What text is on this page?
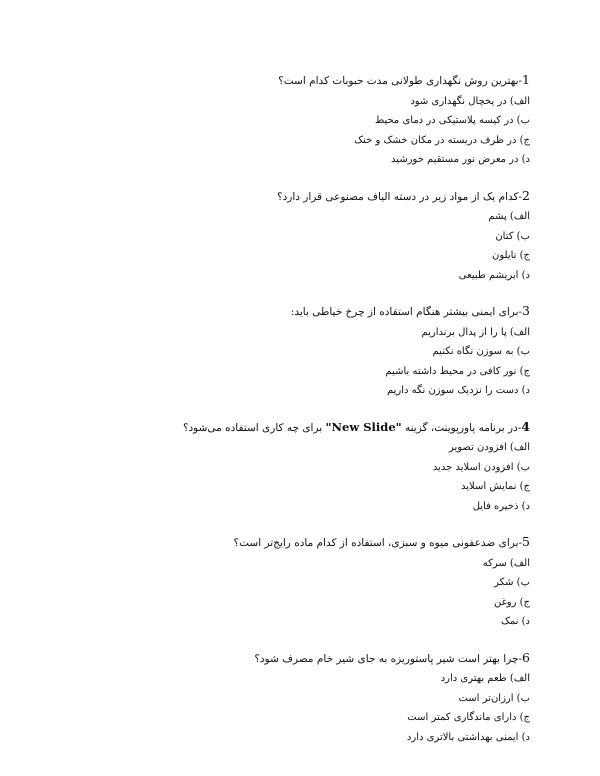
1-بهترین روش نگهداری طولانی مدت حبوبات کدام است؟
الف) در یخچال نگهداری شود
ب) در کیسه پلاستیکی در دمای محیط
ج) در ظرف دربسته در مکان خشک و خنک
د) در معرض نور مستقیم خورشید
2-کدام یک از مواد زیر در دسته الیاف مصنوعی قرار دارد؟
الف) پشم
ب) کتان
ج) نایلون
د) ابریشم طبیعی
3-برای ایمنی بیشتر هنگام استفاده از چرخ خیاطی باید:
الف) پا را از پدال برنداریم
ب) به سوزن نگاه نکنیم
ج) نور کافی در محیط داشته باشیم
د) دست را نزدیک سوزن نگه داریم
4-در برنامه پاورپوینت، گزینه "New Slide" برای چه کاری استفاده می‌شود؟
الف) افزودن تصویر
ب) افزودن اسلاید جدید
ج) نمایش اسلاید
د) ذخیره فایل
5-برای ضدعفونی میوه و سبزی، استفاده از کدام ماده رایج‌تر است؟
الف) سرکه
ب) شکر
ج) روغن
د) نمک
6-چرا بهتر است شیر پاستوریزه به جای شیر خام مصرف شود؟
الف) طعم بهتری دارد
ب) ارزان‌تر است
ج) دارای ماندگاری کمتر است
د) ایمنی بهداشتی بالاتری دارد
